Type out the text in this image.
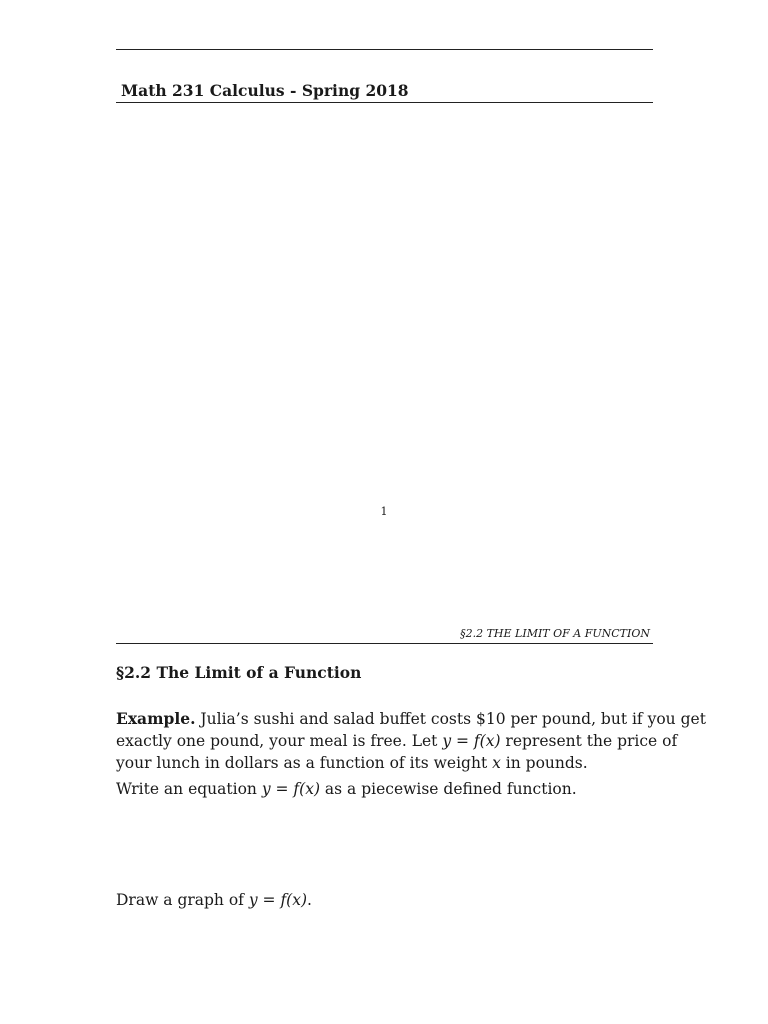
Math 231 Calculus - Spring 2018
1
§2.2 THE LIMIT OF A FUNCTION
§2.2 The Limit of a Function
Example. Julia’s sushi and salad buffet costs $10 per pound, but if you get
exactly one pound, your meal is free. Let y = f(x) represent the price of
your lunch in dollars as a function of its weight x in pounds.
Write an equation y = f(x) as a piecewise defined function.
Draw a graph of y = f(x).
